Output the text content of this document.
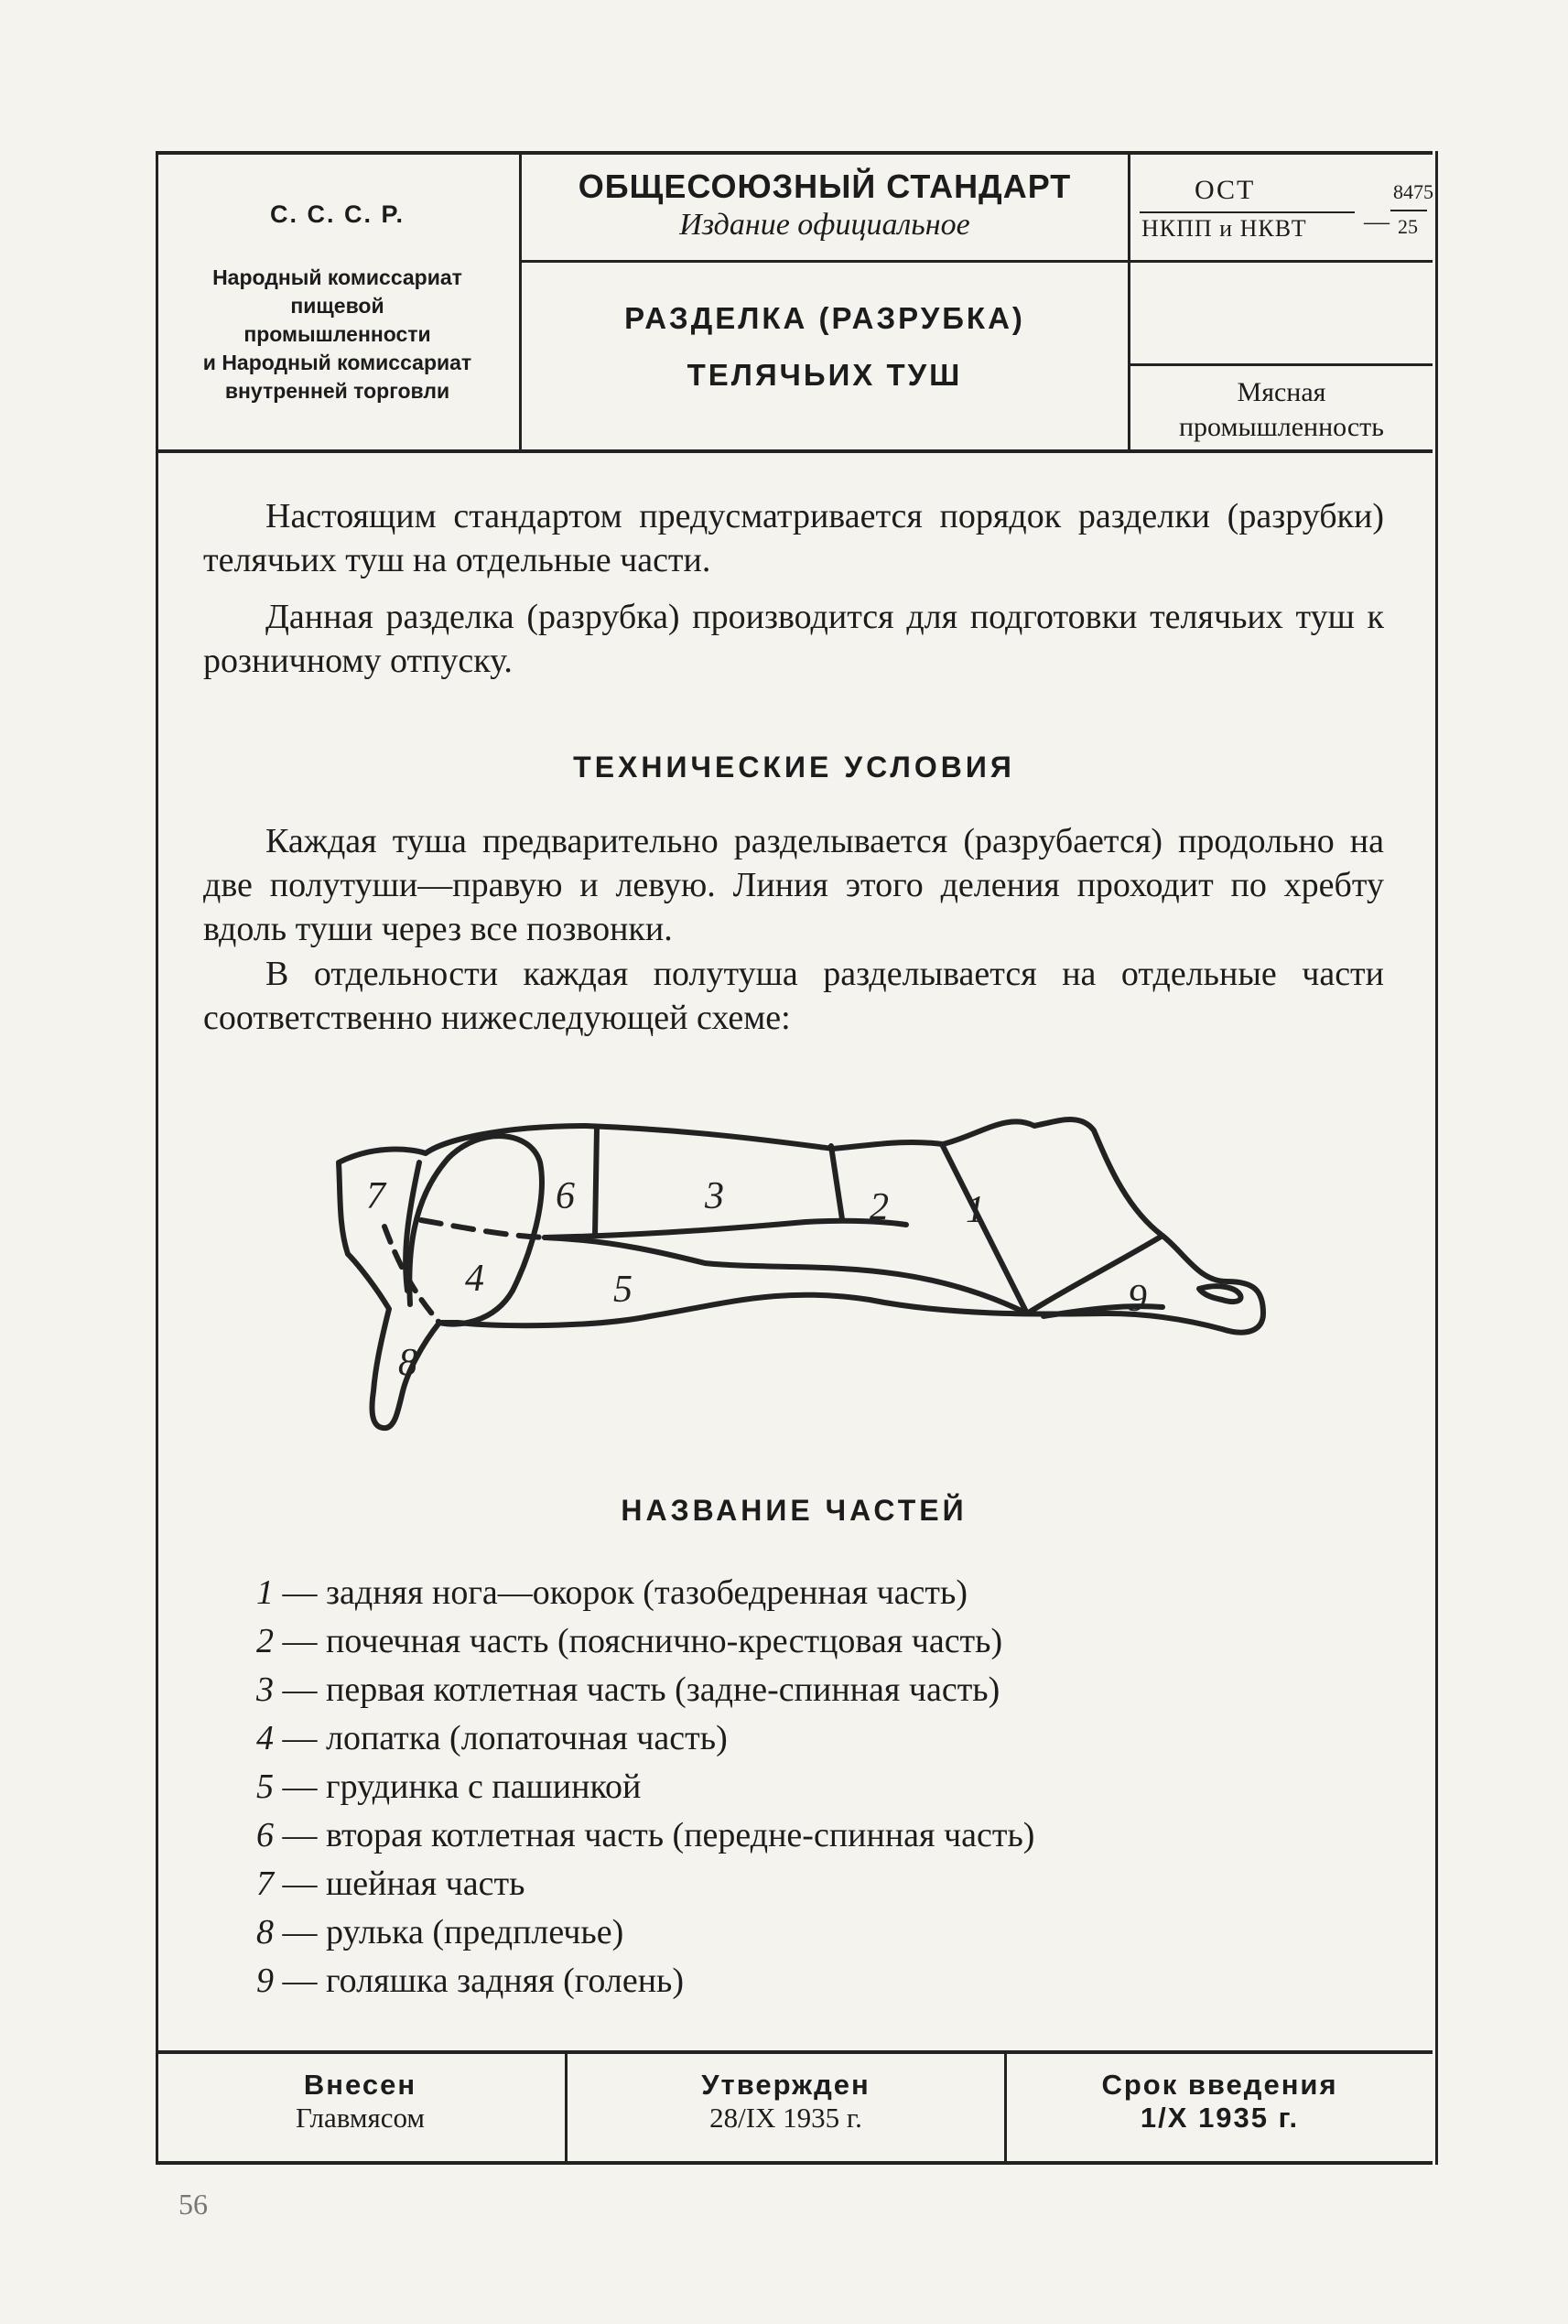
С. С. С. Р.
Народный комиссариат
пищевой
промышленности
и Народный комиссариат
внутренней торговли
ОБЩЕСОЮЗНЫЙ СТАНДАРТ
Издание официальное
РАЗДЕЛКА (РАЗРУБКА)
ТЕЛЯЧЬИХ ТУШ
ОСТ
НКПП и НКВТ —
8475
25
Мясная
промышленность

Настоящим стандартом предусматривается порядок разделки (разрубки) телячьих туш на отдельные части.

Данная разделка (разрубка) производится для подготовки телячьих туш к розничному отпуску.

ТЕХНИЧЕСКИЕ УСЛОВИЯ

Каждая туша предварительно разделывается (разрубается) продольно на две полутуши—правую и левую. Линия этого деления проходит по хребту вдоль туши через все позвонки.

В отдельности каждая полутуша разделывается на отдельные части соответственно нижеследующей схеме:

1
2
3
4	5
6
7
8
9
НАЗВАНИЕ ЧАСТЕЙ
1 — задняя нога—окорок (тазобедренная часть)
2 — почечная часть (пояснично-крестцовая часть)
3 — первая котлетная часть (задне-спинная часть)
4 — лопатка (лопаточная часть)
5 — грудинка с пашинкой
6 — вторая котлетная часть (передне-спинная часть)
7 — шейная часть
8 — рулька (предплечье)
9 — голяшка задняя (голень)
Внесен
Главмясом
Утвержден
28/IX 1935 г.
Срок введения
1/X 1935 г.
56
